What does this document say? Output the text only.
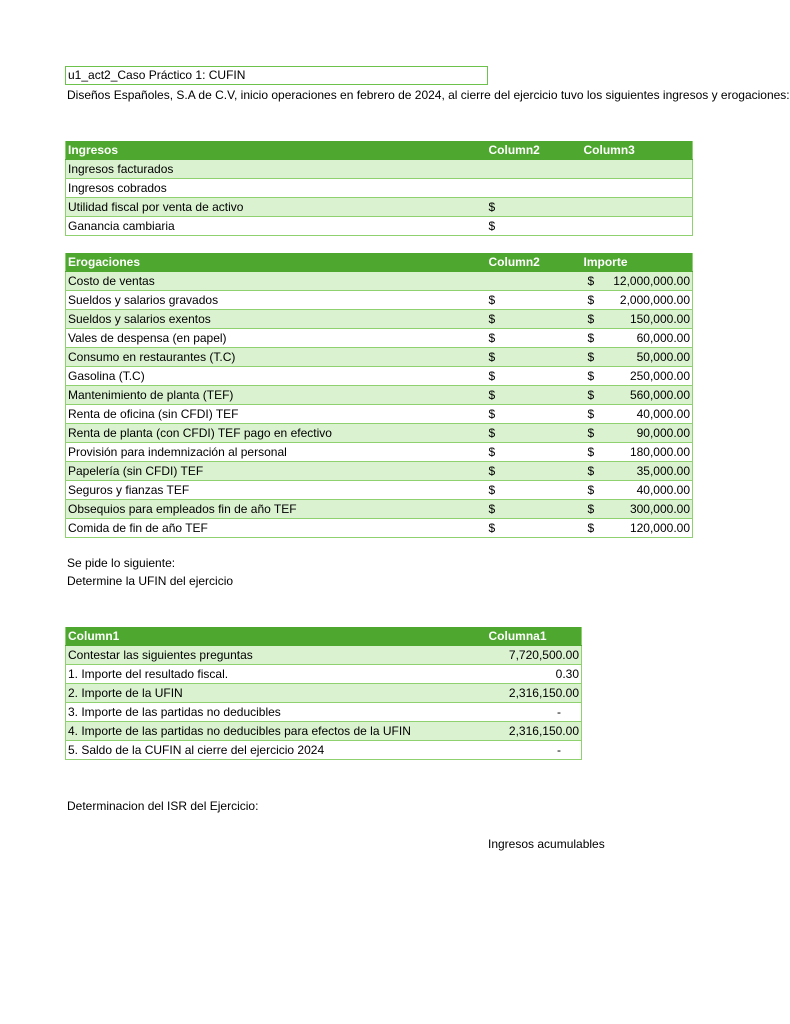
u1_act2_Caso Práctico 1: CUFIN
Diseños Españoles, S.A de C.V, inicio operaciones en febrero de 2024, al cierre del ejercicio tuvo los siguientes ingresos y erogaciones:
Ingresos	Column2	Column3
Ingresos facturados		
Ingresos cobrados		
Utilidad fiscal por venta de activo	$	
Ganancia cambiaria	$	
Erogaciones	Column2	Importe
Costo de ventas		$ 12,000,000.00

Sueldos y salarios gravados	$	$ 2,000,000.00

Sueldos y salarios exentos	$	$ 150,000.00

Vales de despensa (en papel)	$	$ 60,000.00

Consumo en restaurantes (T.C)	$	$ 50,000.00

Gasolina (T.C)	$	$ 250,000.00

Mantenimiento de planta (TEF)	$	$ 560,000.00

Renta de oficina (sin CFDI) TEF	$	$ 40,000.00

Renta de planta (con CFDI) TEF pago en efectivo	$	$ 90,000.00

Provisión para indemnización al personal	$	$ 180,000.00

Papelería (sin CFDI) TEF	$	$ 35,000.00

Seguros y fianzas TEF	$	$ 40,000.00

Obsequios para empleados fin de año TEF	$	$ 300,000.00

Comida de fin de año TEF	$	$ 120,000.00
Se pide lo siguiente:
Determine la UFIN del ejercicio
Column1	Columna1
Contestar las siguientes preguntas	7,720,500.00
1. Importe del resultado fiscal.	0.30
2. Importe de la UFIN	2,316,150.00
3. Importe de las partidas no deducibles	-
4. Importe de las partidas no deducibles para efectos de la UFIN	2,316,150.00
5. Saldo de la CUFIN al cierre del ejercicio 2024	-
Determinacion del ISR del Ejercicio:
Ingresos acumulables
